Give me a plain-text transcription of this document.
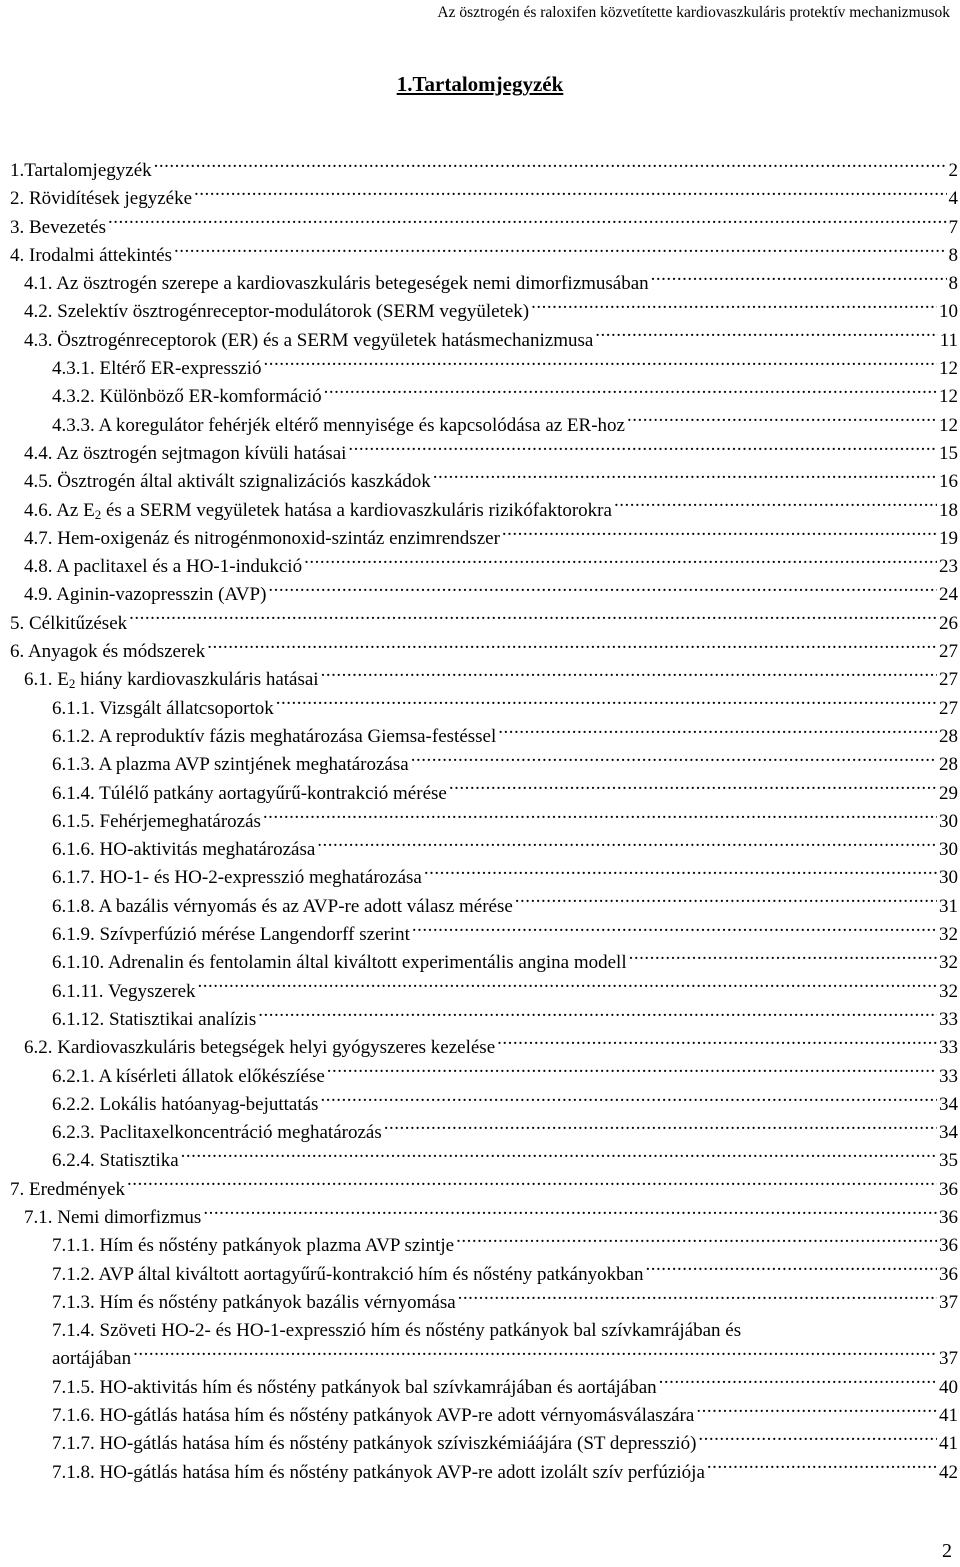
Az ösztrogén és raloxifen közvetítette kardiovaszkuláris protektív mechanizmusok
1.Tartalomjegyzék
1.Tartalomjegyzék .....	2
2. Rövidítések jegyzéke .....	4
3. Bevezetés .....	7
4. Irodalmi áttekintés .....	8
4.1. Az ösztrogén szerepe a kardiovaszkuláris betegeségek nemi dimorfizmusában .....	8
4.2. Szelektív ösztrogénreceptor-modulátorok (SERM vegyületek) .....	10
4.3. Ösztrogénreceptorok (ER) és a SERM vegyületek hatásmechanizmusa .....	11
4.3.1. Eltérő ER-expresszió .....	12
4.3.2. Különböző ER-komformáció .....	12
4.3.3. A koregulátor fehérjék eltérő mennyisége és kapcsolódása az ER-hoz .....	12
4.4. Az ösztrogén sejtmagon kívüli hatásai .....	15
4.5. Ösztrogén által aktivált szignalizációs kaszkádok .....	16
4.6. Az $E_2$ és a SERM vegyületek hatása a kardiovaszkuláris rizikófaktorokra .....	18
4.7. Hem-oxigenáz és nitrogénmonoxid-szintáz enzimrendszer .....	19
4.8. A paclitaxel és a HO-1-indukció .....	23
4.9. Aginin-vazopresszin (AVP) .....	24
5. Célkitűzések .....	26
6. Anyagok és módszerek .....	27
6.1. $E_2$ hiány kardiovaszkuláris hatásai .....	27
6.1.1. Vizsgált állatcsoportok .....	27
6.1.2. A reproduktív fázis meghatározása Giemsa-festéssel .....	28
6.1.3. A plazma AVP szintjének meghatározása .....	28
6.1.4. Túlélő patkány aortagyűrű-kontrakció mérése .....	29
6.1.5. Fehérjemeghatározás .....	30
6.1.6. HO-aktivitás meghatározása .....	30
6.1.7. HO-1- és HO-2-expresszió meghatározása .....	30
6.1.8. A bazális vérnyomás és az AVP-re adott válasz mérése .....	31
6.1.9. Szívperfúzió mérése Langendorff szerint .....	32
6.1.10. Adrenalin és fentolamin által kiváltott experimentális angina modell .....	32
6.1.11. Vegyszerek .....	32
6.1.12. Statisztikai analízis .....	33
6.2. Kardiovaszkuláris betegségek helyi gyógyszeres kezelése .....	33
6.2.1. A kísérleti állatok előkészíése .....	33
6.2.2. Lokális hatóanyag-bejuttatás .....	34
6.2.3. Paclitaxelkoncentráció meghatározás .....	34
6.2.4. Statisztika .....	35
7. Eredmények .....	36
7.1. Nemi dimorfizmus .....	36
7.1.1. Hím és nőstény patkányok plazma AVP szintje .....	36
7.1.2. AVP által kiváltott aortagyűrű-kontrakció hím és nőstény patkányokban .....	36
7.1.3. Hím és nőstény patkányok bazális vérnyomása .....	37
7.1.4. Szöveti HO-2- és HO-1-expresszió hím és nőstény patkányok bal szívkamrájában és
aortájában .....	37
7.1.5. HO-aktivitás hím és nőstény patkányok bal szívkamrájában és aortájában .....	40
7.1.6. HO-gátlás hatása hím és nőstény patkányok AVP-re adott vérnyomásválaszára .....	41
7.1.7. HO-gátlás hatása hím és nőstény patkányok szíviszkémiáájára (ST depresszió) .....	41
7.1.8. HO-gátlás hatása hím és nőstény patkányok AVP-re adott izolált szív perfúziója .....	42
2
